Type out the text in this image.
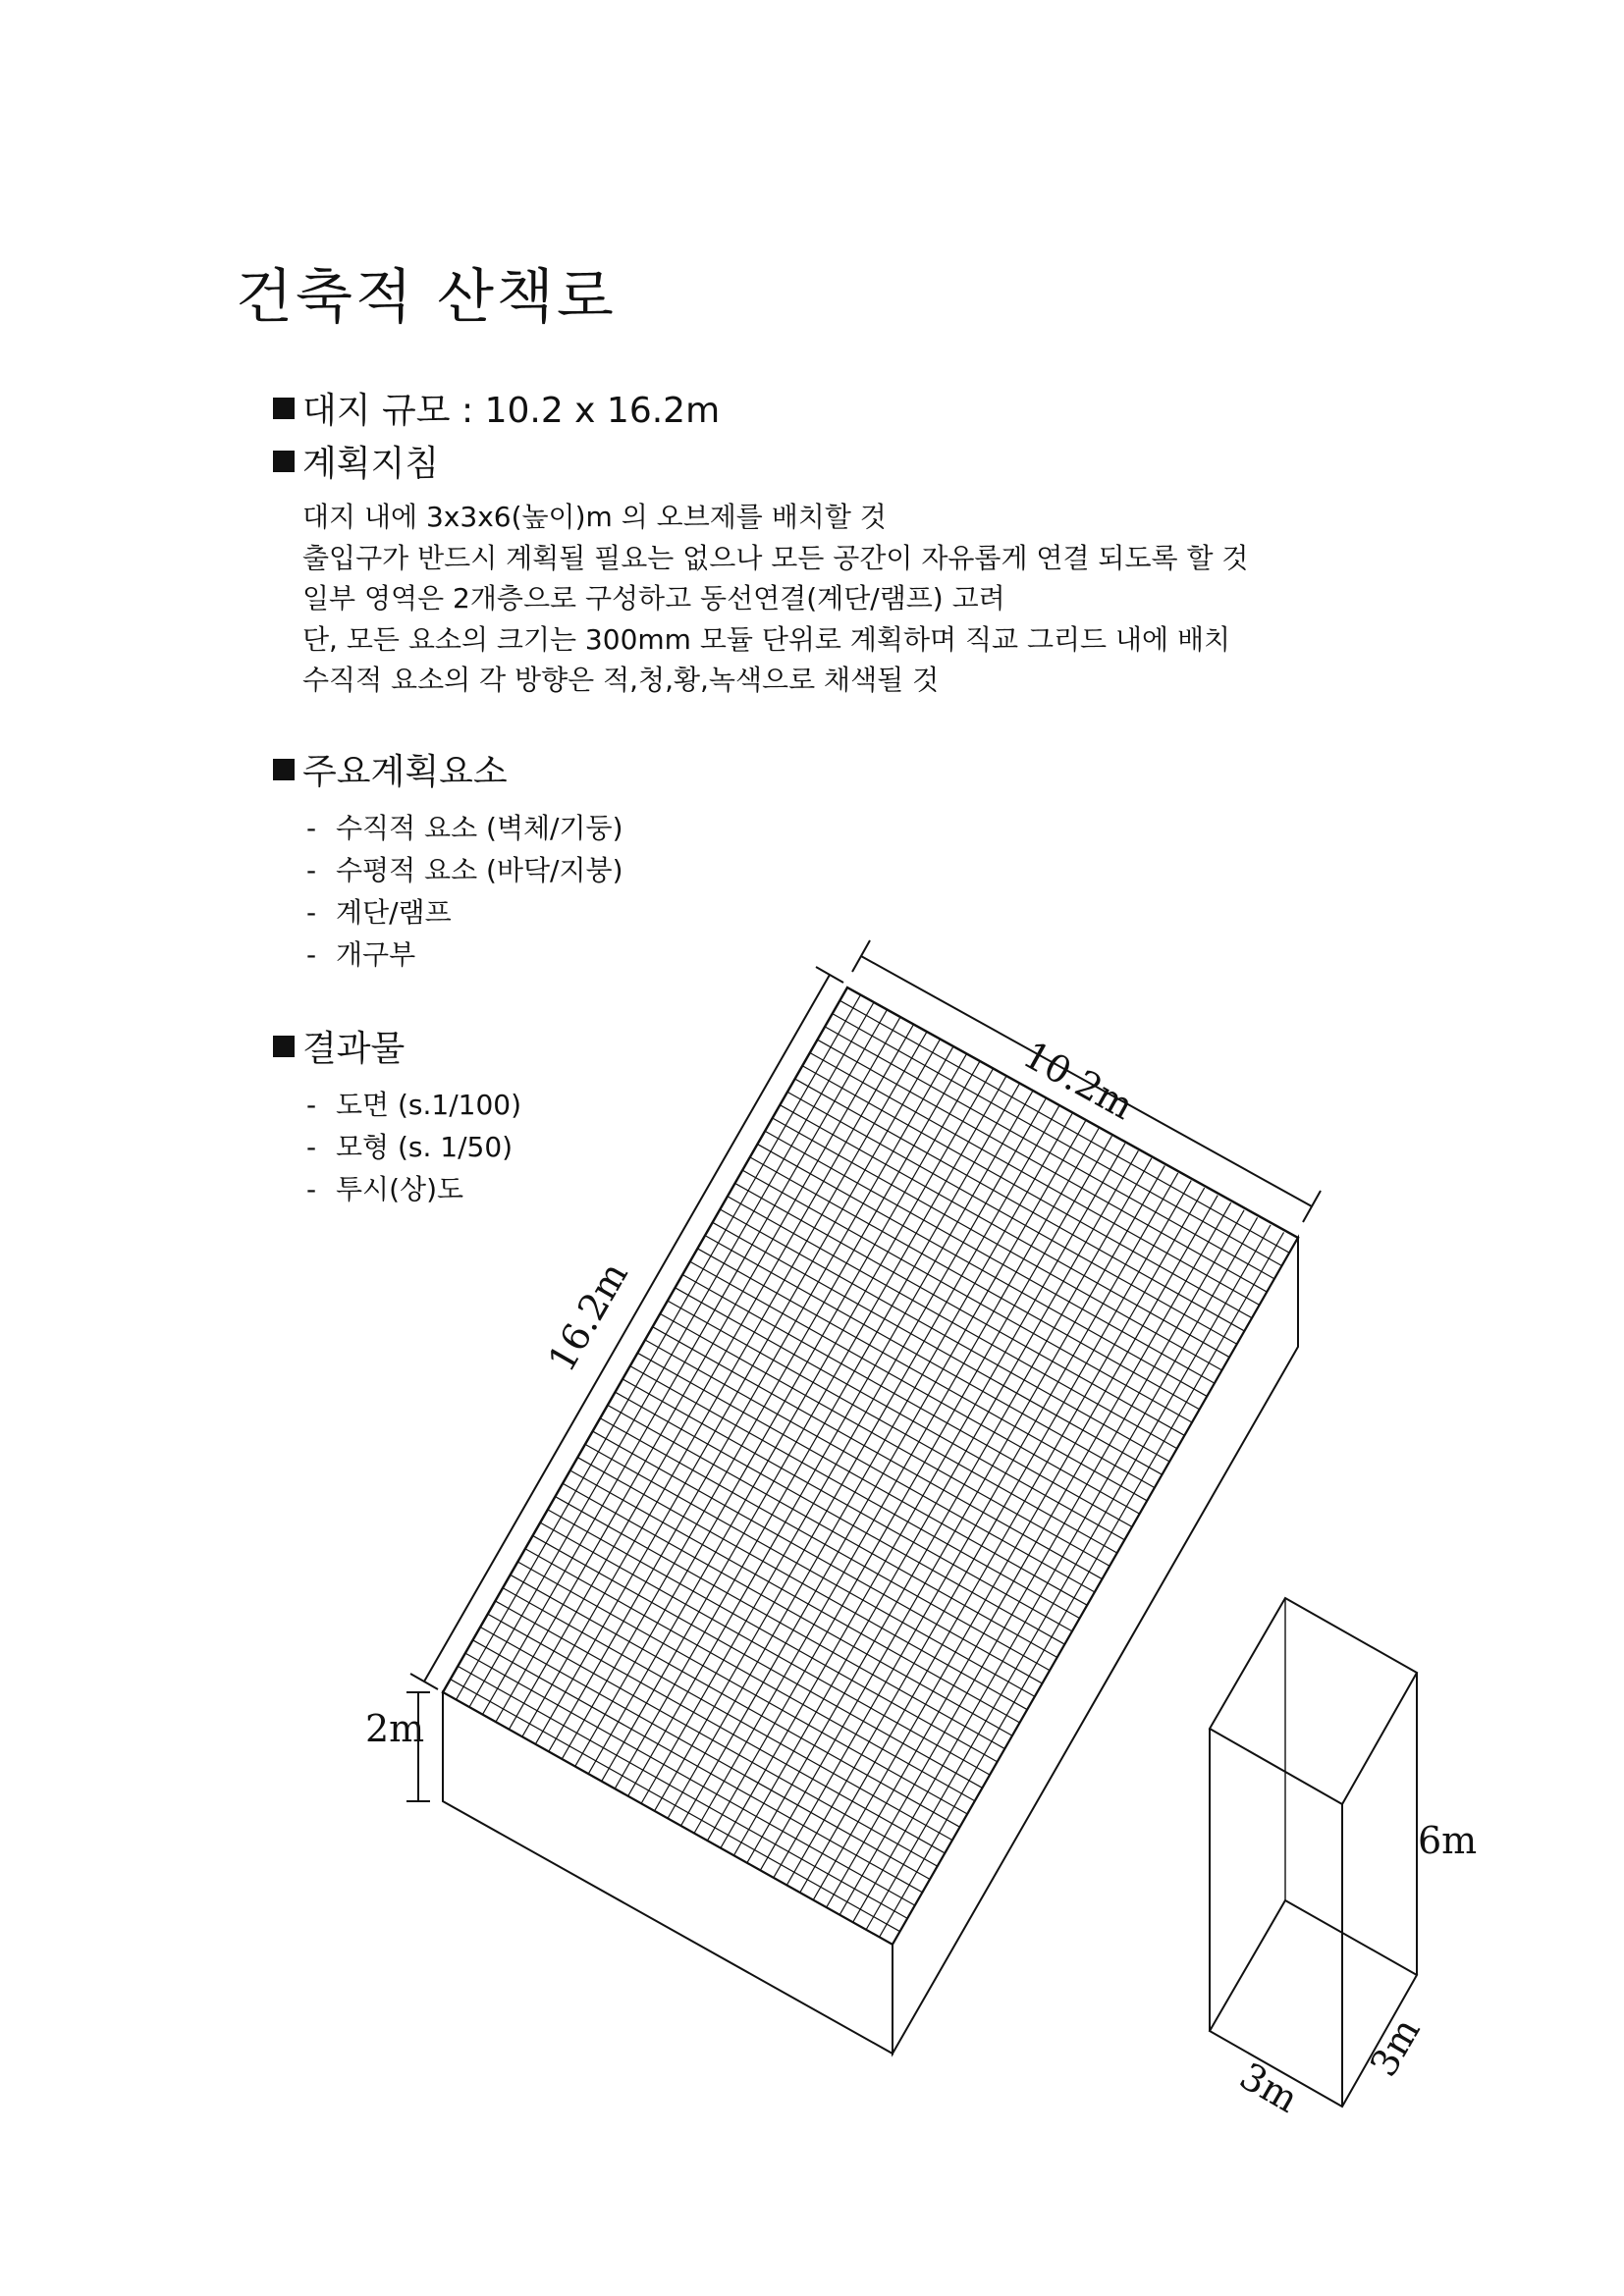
건축적 산책로
대지 규모 : 10.2 x 16.2m
계획지침
대지 내에 3x3x6(높이)m 의 오브제를 배치할 것
출입구가 반드시 계획될 필요는 없으나 모든 공간이 자유롭게 연결 되도록 할 것
일부 영역은 2개층으로 구성하고 동선연결(계단/램프) 고려
단, 모든 요소의 크기는 300mm 모듈 단위로 계획하며 직교 그리드 내에 배치
수직적 요소의 각 방향은 적,청,황,녹색으로 채색될 것
주요계획요소
- 수직적 요소 (벽체/기둥)
- 수평적 요소 (바닥/지붕)
- 계단/램프
- 개구부
결과물
- 도면 (s.1/100)
- 모형 (s. 1/50)
- 투시(상)도
10.2m
16.2m
2m
6m
3m
3m
